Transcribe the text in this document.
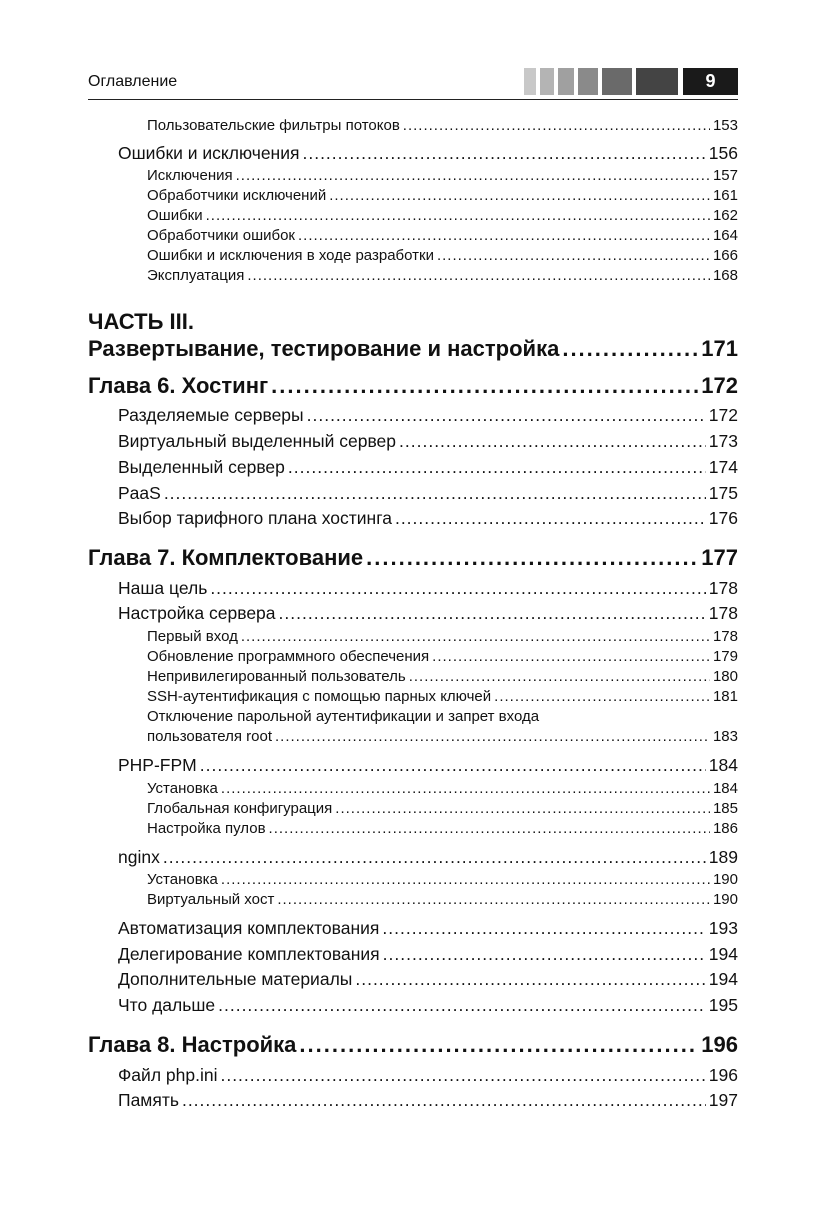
Оглавление	9
Пользовательские фильтры потоков .....	153
Ошибки и исключения .....	156
Исключения .....	157
Обработчики исключений .....	161
Ошибки .....	162
Обработчики ошибок .....	164
Ошибки и исключения в ходе разработки .....	166
Эксплуатация .....	168
ЧАСТЬ III.
Развертывание, тестирование и настройка .....	171
Глава 6. Хостинг .....	172
Разделяемые серверы .....	172
Виртуальный выделенный сервер .....	173
Выделенный сервер .....	174
PaaS .....	175
Выбор тарифного плана хостинга .....	176
Глава 7. Комплектование .....	177
Наша цель .....	178
Настройка сервера .....	178
Первый вход .....	178
Обновление программного обеспечения .....	179
Непривилегированный пользователь .....	180
SSH-аутентификация с помощью парных ключей .....	181
Отключение парольной аутентификации и запрет входа
пользователя root .....	183
PHP-FPM .....	184
Установка .....	184
Глобальная конфигурация .....	185
Настройка пулов .....	186
nginx .....	189
Установка .....	190
Виртуальный хост .....	190
Автоматизация комплектования .....	193
Делегирование комплектования .....	194
Дополнительные материалы .....	194
Что дальше .....	195
Глава 8. Настройка .....	196
Файл php.ini .....	196
Память .....	197
